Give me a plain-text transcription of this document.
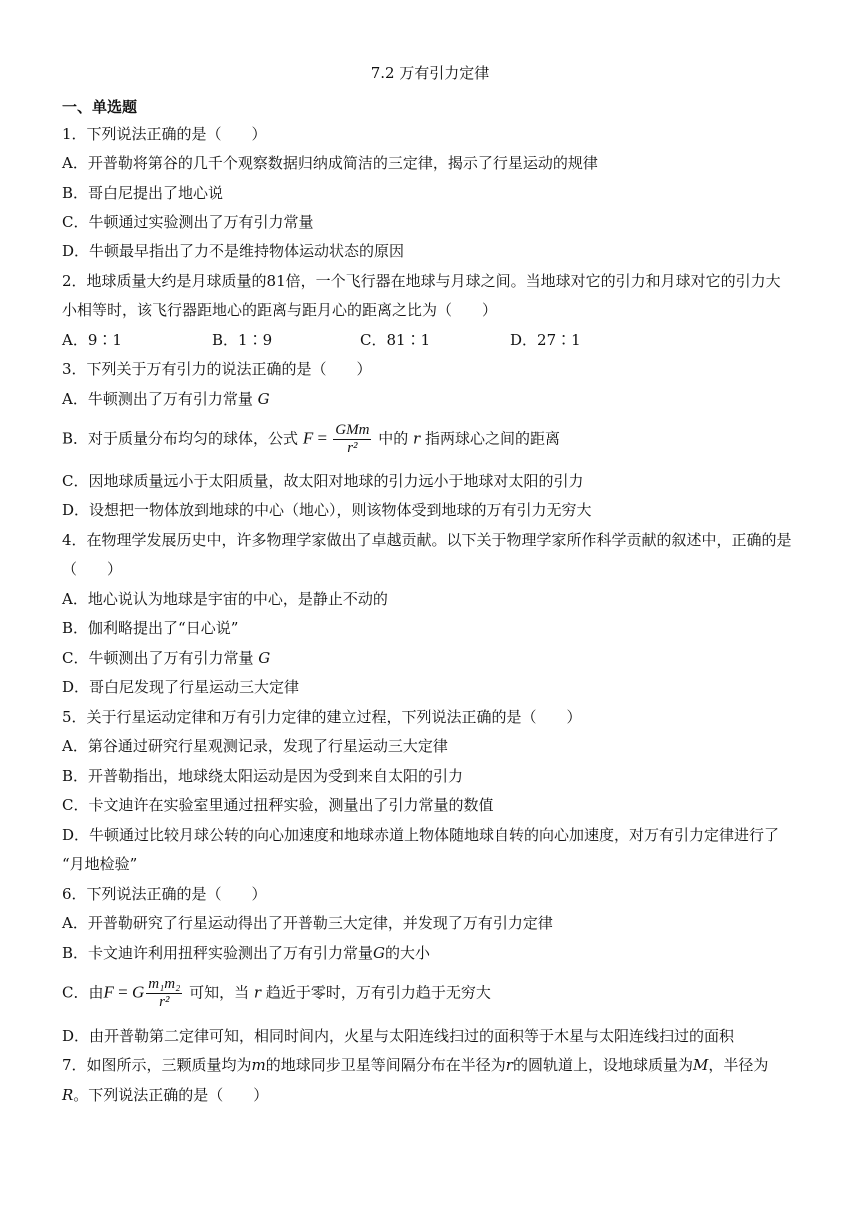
7.2 万有引力定律
一、单选题
1．下列说法正确的是（　　）
A．开普勒将第谷的几千个观察数据归纳成简洁的三定律，揭示了行星运动的规律
B．哥白尼提出了地心说
C．牛顿通过实验测出了万有引力常量
D．牛顿最早指出了力不是维持物体运动状态的原因
2．地球质量大约是月球质量的81倍，一个飞行器在地球与月球之间。当地球对它的引力和月球对它的引力大
小相等时，该飞行器距地心的距离与距月心的距离之比为（　　）
A．9∶1	B．1∶9	C．81∶1	D．27∶1
3．下列关于万有引力的说法正确的是（　　）
A．牛顿测出了万有引力常量 G
B．对于质量分布均匀的球体，公式 $F = \frac{\text{GMm}}{\text{r²}}$ 中的 r 指两球心之间的距离
C．因地球质量远小于太阳质量，故太阳对地球的引力远小于地球对太阳的引力
D．设想把一物体放到地球的中心（地心），则该物体受到地球的万有引力无穷大
4．在物理学发展历史中，许多物理学家做出了卓越贡献。以下关于物理学家所作科学贡献的叙述中，正确的是
（　　）
A．地心说认为地球是宇宙的中心，是静止不动的
B．伽利略提出了“日心说”
C．牛顿测出了万有引力常量 G
D．哥白尼发现了行星运动三大定律
5．关于行星运动定律和万有引力定律的建立过程，下列说法正确的是（　　）
A．第谷通过研究行星观测记录，发现了行星运动三大定律
B．开普勒指出，地球绕太阳运动是因为受到来自太阳的引力
C．卡文迪许在实验室里通过扭秤实验，测量出了引力常量的数值
D．牛顿通过比较月球公转的向心加速度和地球赤道上物体随地球自转的向心加速度，对万有引力定律进行了
“月地检验”
6．下列说法正确的是（　　）
A．开普勒研究了行星运动得出了开普勒三大定律，并发现了万有引力定律
B．卡文迪许利用扭秤实验测出了万有引力常量G的大小
C．由F = G $\frac{\text{m₁m₂}}{\text{r²}}$ 可知，当 r 趋近于零时，万有引力趋于无穷大
D．由开普勒第二定律可知，相同时间内，火星与太阳连线扫过的面积等于木星与太阳连线扫过的面积
7．如图所示，三颗质量均为m的地球同步卫星等间隔分布在半径为r的圆轨道上，设地球质量为M，半径为
R。下列说法正确的是（　　）
